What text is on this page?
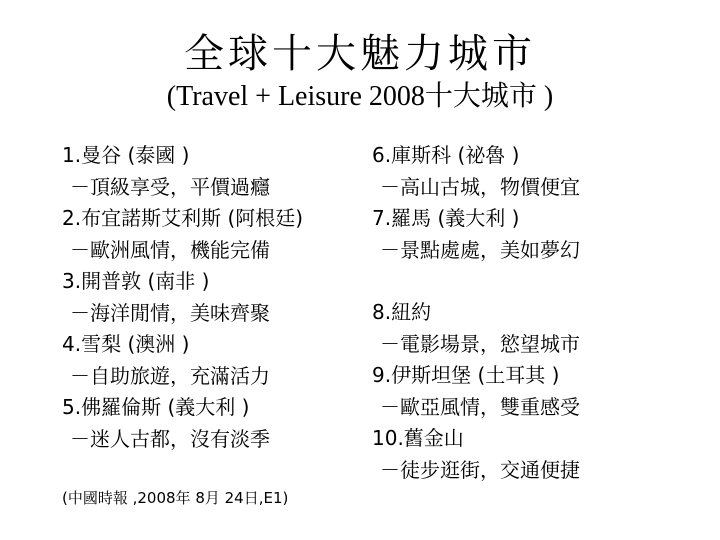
全球十大魅力城市
(Travel + Leisure 2008十大城市 )
1.曼谷 (泰國 )
－頂級享受，平價過癮
2.布宜諾斯艾利斯 (阿根廷)
－歐洲風情，機能完備
3.開普敦 (南非 )
－海洋閒情，美味齊聚
4.雪梨 (澳洲 )
－自助旅遊，充滿活力
5.佛羅倫斯 (義大利 )
－迷人古都，沒有淡季
6.庫斯科 (祕魯 )
－高山古城，物價便宜
7.羅馬 (義大利 )
－景點處處，美如夢幻
8.紐約
－電影場景，慾望城市
9.伊斯坦堡 (土耳其 )
－歐亞風情，雙重感受
10.舊金山
－徒步逛街，交通便捷
(中國時報 ,2008年 8月 24日,E1)
